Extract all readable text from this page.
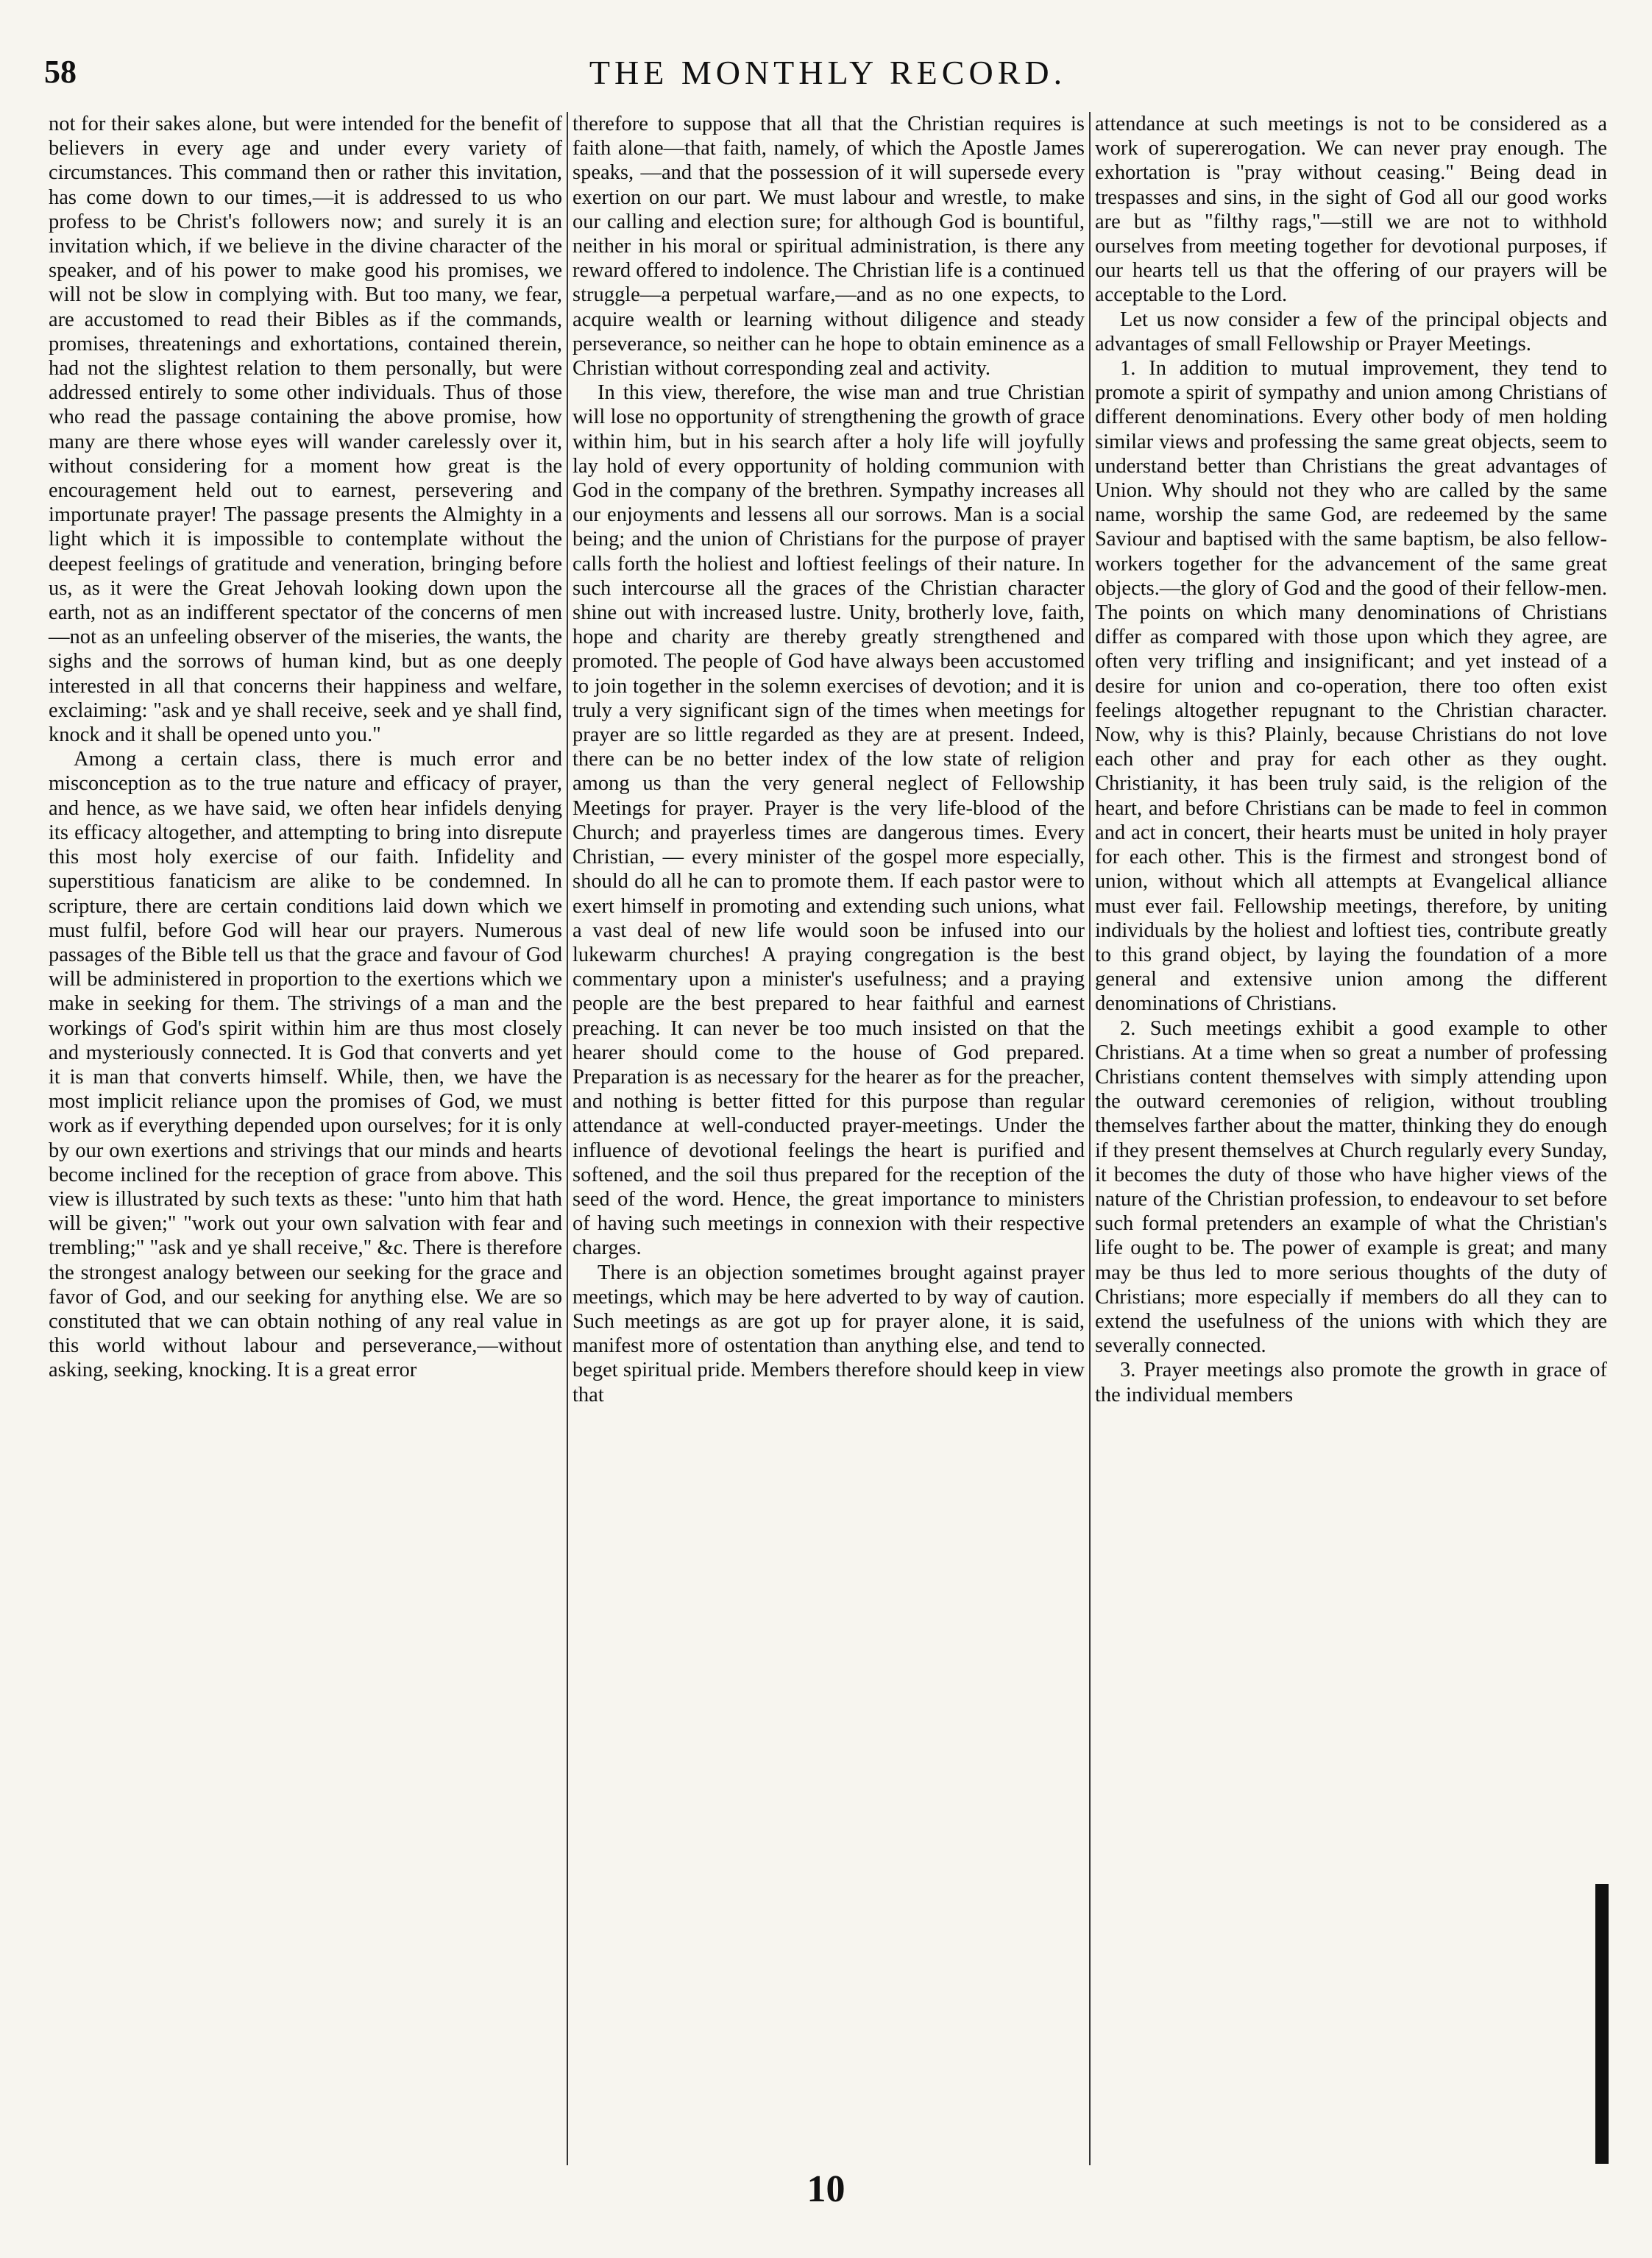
58	THE MONTHLY RECORD.

not for their sakes alone, but were intended for the benefit of believers in every age and under every variety of circumstances. This command then or rather this invitation, has come down to our times,—it is addressed to us who profess to be Christ's followers now; and surely it is an invitation which, if we believe in the divine character of the speaker, and of his power to make good his promises, we will not be slow in complying with. But too many, we fear, are accustomed to read their Bibles as if the commands, promises, threatenings and exhortations, contained therein, had not the slightest relation to them personally, but were addressed entirely to some other individuals. Thus of those who read the passage containing the above promise, how many are there whose eyes will wander carelessly over it, without considering for a moment how great is the encouragement held out to earnest, persevering and importunate prayer! The passage presents the Almighty in a light which it is impossible to contemplate without the deepest feelings of gratitude and veneration, bringing before us, as it were the Great Jehovah looking down upon the earth, not as an indifferent spectator of the concerns of men—not as an unfeeling observer of the miseries, the wants, the sighs and the sorrows of human kind, but as one deeply interested in all that concerns their happiness and welfare, exclaiming: "ask and ye shall receive, seek and ye shall find, knock and it shall be opened unto you."

Among a certain class, there is much error and misconception as to the true nature and efficacy of prayer, and hence, as we have said, we often hear infidels denying its efficacy altogether, and attempting to bring into disrepute this most holy exercise of our faith. Infidelity and superstitious fanaticism are alike to be condemned. In scripture, there are certain conditions laid down which we must fulfil, before God will hear our prayers. Numerous passages of the Bible tell us that the grace and favour of God will be administered in proportion to the exertions which we make in seeking for them. The strivings of a man and the workings of God's spirit within him are thus most closely and mysteriously connected. It is God that converts and yet it is man that converts himself. While, then, we have the most implicit reliance upon the promises of God, we must work as if everything depended upon ourselves; for it is only by our own exertions and strivings that our minds and hearts become inclined for the reception of grace from above. This view is illustrated by such texts as these: "unto him that hath will be given;" "work out your own salvation with fear and trembling;" "ask and ye shall receive," &c. There is therefore the strongest analogy between our seeking for the grace and favor of God, and our seeking for anything else. We are so constituted that we can obtain nothing of any real value in this world without labour and perseverance,—without asking, seeking, knocking. It is a great error

therefore to suppose that all that the Christian requires is faith alone—that faith, namely, of which the Apostle James speaks, —and that the possession of it will supersede every exertion on our part. We must labour and wrestle, to make our calling and election sure; for although God is bountiful, neither in his moral or spiritual administration, is there any reward offered to indolence. The Christian life is a continued struggle—a perpetual warfare,—and as no one expects, to acquire wealth or learning without diligence and steady perseverance, so neither can he hope to obtain eminence as a Christian without corresponding zeal and activity.

In this view, therefore, the wise man and true Christian will lose no opportunity of strengthening the growth of grace within him, but in his search after a holy life will joyfully lay hold of every opportunity of holding communion with God in the company of the brethren. Sympathy increases all our enjoyments and lessens all our sorrows. Man is a social being; and the union of Christians for the purpose of prayer calls forth the holiest and loftiest feelings of their nature. In such intercourse all the graces of the Christian character shine out with increased lustre. Unity, brotherly love, faith, hope and charity are thereby greatly strengthened and promoted. The people of God have always been accustomed to join together in the solemn exercises of devotion; and it is truly a very significant sign of the times when meetings for prayer are so little regarded as they are at present. Indeed, there can be no better index of the low state of religion among us than the very general neglect of Fellowship Meetings for prayer. Prayer is the very life-blood of the Church; and prayerless times are dangerous times. Every Christian, — every minister of the gospel more especially, should do all he can to promote them. If each pastor were to exert himself in promoting and extending such unions, what a vast deal of new life would soon be infused into our lukewarm churches! A praying congregation is the best commentary upon a minister's usefulness; and a praying people are the best prepared to hear faithful and earnest preaching. It can never be too much insisted on that the hearer should come to the house of God prepared. Preparation is as necessary for the hearer as for the preacher, and nothing is better fitted for this purpose than regular attendance at well-conducted prayer-meetings. Under the influence of devotional feelings the heart is purified and softened, and the soil thus prepared for the reception of the seed of the word. Hence, the great importance to ministers of having such meetings in connexion with their respective charges.

There is an objection sometimes brought against prayer meetings, which may be here adverted to by way of caution. Such meetings as are got up for prayer alone, it is said, manifest more of ostentation than anything else, and tend to beget spiritual pride. Members therefore should keep in view that

attendance at such meetings is not to be considered as a work of supererogation. We can never pray enough. The exhortation is "pray without ceasing." Being dead in trespasses and sins, in the sight of God all our good works are but as "filthy rags,"—still we are not to withhold ourselves from meeting together for devotional purposes, if our hearts tell us that the offering of our prayers will be acceptable to the Lord.

Let us now consider a few of the principal objects and advantages of small Fellowship or Prayer Meetings.

1. In addition to mutual improvement, they tend to promote a spirit of sympathy and union among Christians of different denominations. Every other body of men holding similar views and professing the same great objects, seem to understand better than Christians the great advantages of Union. Why should not they who are called by the same name, worship the same God, are redeemed by the same Saviour and baptised with the same baptism, be also fellow-workers together for the advancement of the same great objects.—the glory of God and the good of their fellow-men. The points on which many denominations of Christians differ as compared with those upon which they agree, are often very trifling and insignificant; and yet instead of a desire for union and co-operation, there too often exist feelings altogether repugnant to the Christian character. Now, why is this? Plainly, because Christians do not love each other and pray for each other as they ought. Christianity, it has been truly said, is the religion of the heart, and before Christians can be made to feel in common and act in concert, their hearts must be united in holy prayer for each other. This is the firmest and strongest bond of union, without which all attempts at Evangelical alliance must ever fail. Fellowship meetings, therefore, by uniting individuals by the holiest and loftiest ties, contribute greatly to this grand object, by laying the foundation of a more general and extensive union among the different denominations of Christians.

2. Such meetings exhibit a good example to other Christians. At a time when so great a number of professing Christians content themselves with simply attending upon the outward ceremonies of religion, without troubling themselves farther about the matter, thinking they do enough if they present themselves at Church regularly every Sunday, it becomes the duty of those who have higher views of the nature of the Christian profession, to endeavour to set before such formal pretenders an example of what the Christian's life ought to be. The power of example is great; and many may be thus led to more serious thoughts of the duty of Christians; more especially if members do all they can to extend the usefulness of the unions with which they are severally connected.

3. Prayer meetings also promote the growth in grace of the individual members

10
